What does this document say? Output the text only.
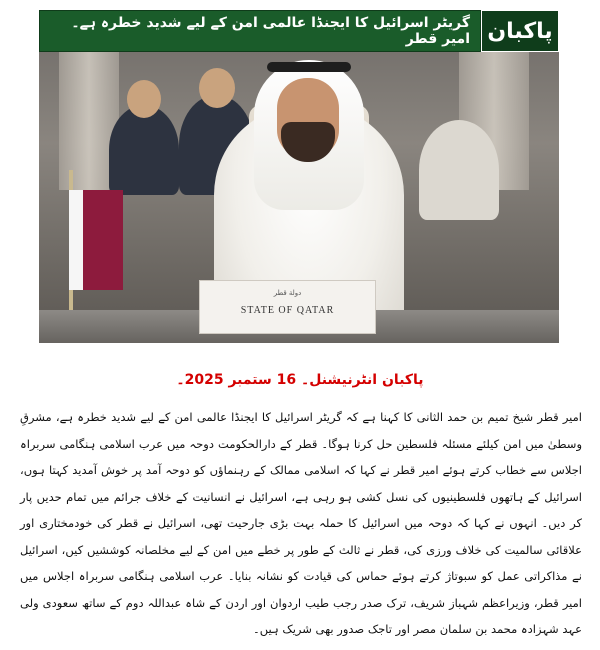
دولة قطر
STATE OF QATAR
گریٹر اسرائیل کا ایجنڈا عالمی امن کے لیے شدید خطرہ ہے۔ امیر قطر پاکبان
پاکبان انٹرنیشنل۔ 16 ستمبر 2025۔
امیر قطر شیخ تمیم بن حمد الثانی کا کہنا ہے کہ گریٹر اسرائیل کا ایجنڈا عالمی امن کے لیے شدید خطرہ ہے، مشرقِ وسطیٰ میں امن کیلئے مسئلہ فلسطین حل کرنا ہوگا۔ قطر کے دارالحکومت دوحہ میں عرب اسلامی ہنگامی سربراہ اجلاس سے خطاب کرتے ہوئے امیر قطر نے کہا کہ اسلامی ممالک کے رہنماؤں کو دوحہ آمد پر خوش آمدید کہتا ہوں، اسرائیل کے ہاتھوں فلسطینیوں کی نسل کشی ہو رہی ہے، اسرائیل نے انسانیت کے خلاف جرائم میں تمام حدیں پار کر دیں۔ انہوں نے کہا کہ دوحہ میں اسرائیل کا حملہ بہت بڑی جارحیت تھی، اسرائیل نے قطر کی خودمختاری اور علاقائی سالمیت کی خلاف ورزی کی، قطر نے ثالث کے طور پر خطے میں امن کے لیے مخلصانہ کوششیں کیں، اسرائیل نے مذاکراتی عمل کو سبوتاژ کرتے ہوئے حماس کی قیادت کو نشانہ بنایا۔ عرب اسلامی ہنگامی سربراہ اجلاس میں امیر قطر، وزیراعظم شہباز شریف، ترک صدر رجب طیب اردوان اور اردن کے شاہ عبداللہ دوم کے ساتھ سعودی ولی عہد شہزادہ محمد بن سلمان مصر اور تاجک صدور بھی شریک ہیں۔
